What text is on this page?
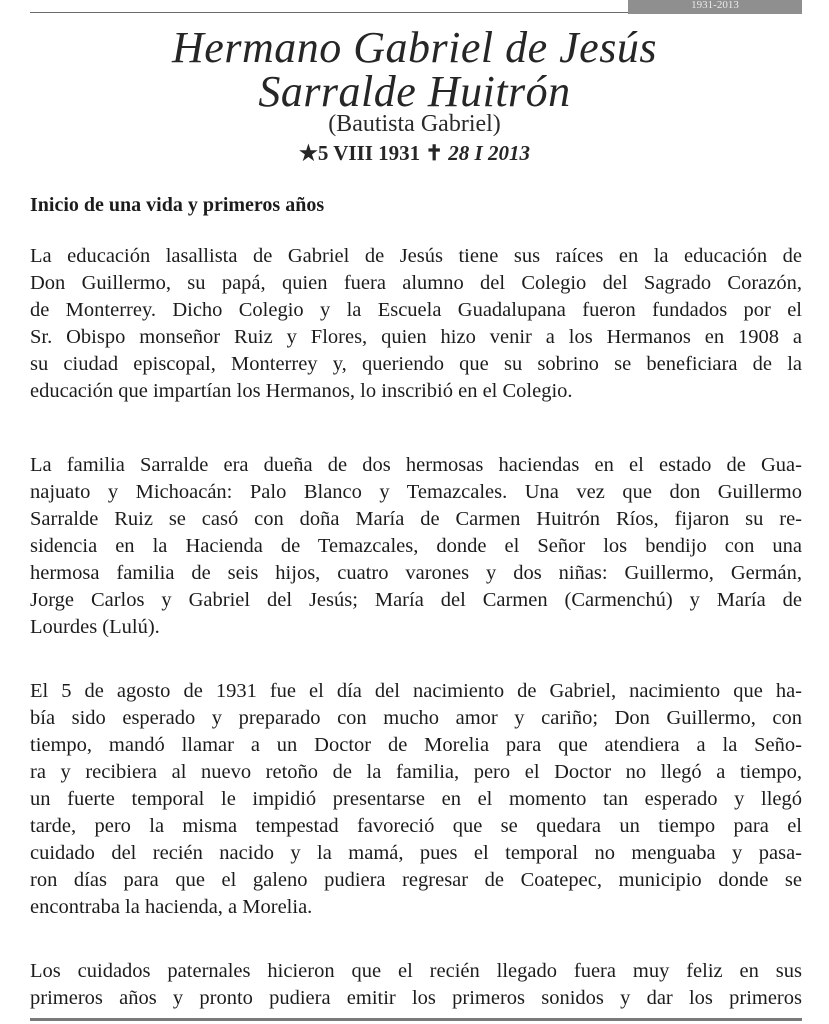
1931-2013
Hermano Gabriel de Jesús
Sarralde Huitrón
(Bautista Gabriel)
★5 VIII 1931 ✝ 28 I 2013
Inicio de una vida y primeros años
La educación lasallista de Gabriel de Jesús tiene sus raíces en la educación de
Don Guillermo, su papá, quien fuera alumno del Colegio del Sagrado Corazón,
de Monterrey. Dicho Colegio y la Escuela Guadalupana fueron fundados por el
Sr. Obispo monseñor Ruiz y Flores, quien hizo venir a los Hermanos en 1908 a
su ciudad episcopal, Monterrey y, queriendo que su sobrino se beneficiara de la
educación que impartían los Hermanos, lo inscribió en el Colegio.
La familia Sarralde era dueña de dos hermosas haciendas en el estado de Gua-
najuato y Michoacán: Palo Blanco y Temazcales. Una vez que don Guillermo
Sarralde Ruiz se casó con doña María de Carmen Huitrón Ríos, fijaron su re-
sidencia en la Hacienda de Temazcales, donde el Señor los bendijo con una
hermosa familia de seis hijos, cuatro varones y dos niñas: Guillermo, Germán,
Jorge Carlos y Gabriel del Jesús; María del Carmen (Carmenchú) y María de
Lourdes (Lulú).
El 5 de agosto de 1931 fue el día del nacimiento de Gabriel, nacimiento que ha-
bía sido esperado y preparado con mucho amor y cariño; Don Guillermo, con
tiempo, mandó llamar a un Doctor de Morelia para que atendiera a la Seño-
ra y recibiera al nuevo retoño de la familia, pero el Doctor no llegó a tiempo,
un fuerte temporal le impidió presentarse en el momento tan esperado y llegó
tarde, pero la misma tempestad favoreció que se quedara un tiempo para el
cuidado del recién nacido y la mamá, pues el temporal no menguaba y pasa-
ron días para que el galeno pudiera regresar de Coatepec, municipio donde se
encontraba la hacienda, a Morelia.
Los cuidados paternales hicieron que el recién llegado fuera muy feliz en sus
primeros años y pronto pudiera emitir los primeros sonidos y dar los primeros
